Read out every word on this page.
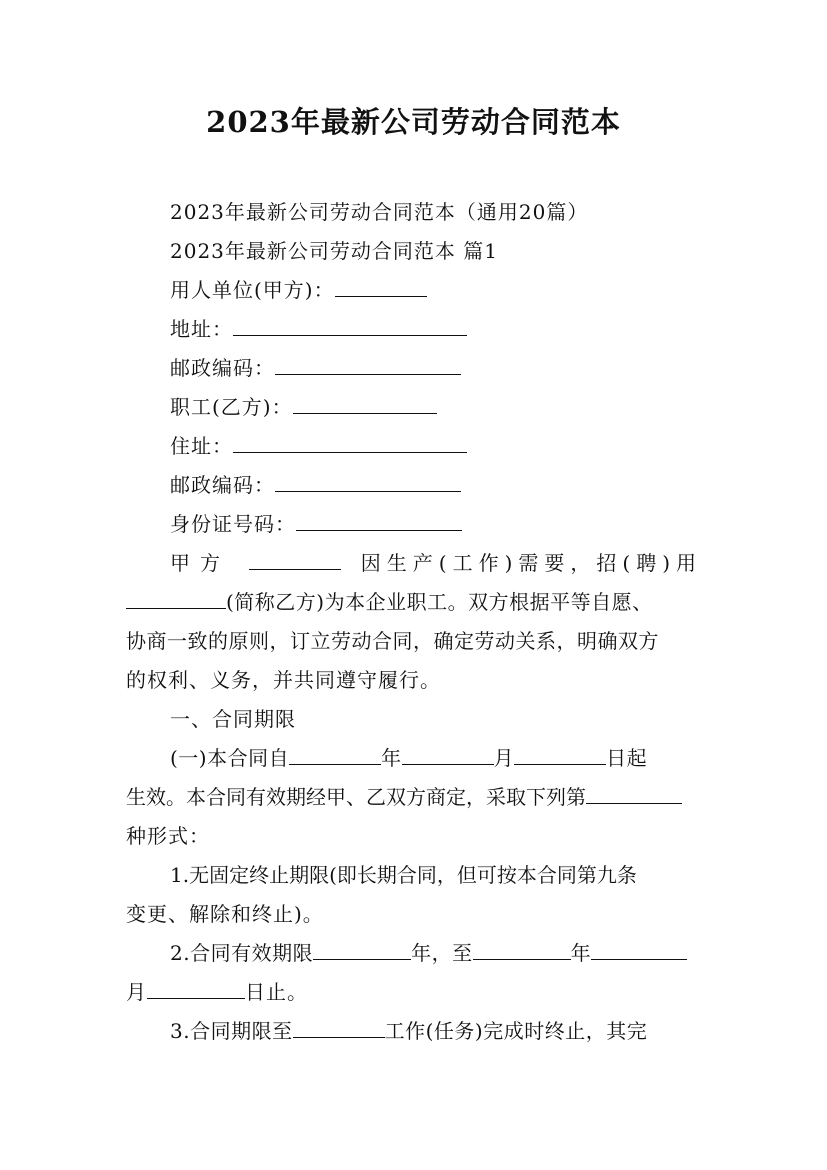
2023年最新公司劳动合同范本
2023年最新公司劳动合同范本（通用20篇）
2023年最新公司劳动合同范本 篇1
用人单位(甲方)：
地址：
邮政编码：
职工(乙方)：
住址：
邮政编码：
身份证号码：
甲方	因生产(工作)需要，招(聘)用
(简称乙方)为本企业职工。双方根据平等自愿、
协商一致的原则，订立劳动合同，确定劳动关系，明确双方
的权利、义务，并共同遵守履行。
一、合同期限
(一)本合同自	年	月	日起
生效。本合同有效期经甲、乙双方商定，采取下列第
种形式：
1.无固定终止期限(即长期合同，但可按本合同第九条
变更、解除和终止)。
2.合同有效期限	年，至	年
月	日止。
3.合同期限至	工作(任务)完成时终止，其完
